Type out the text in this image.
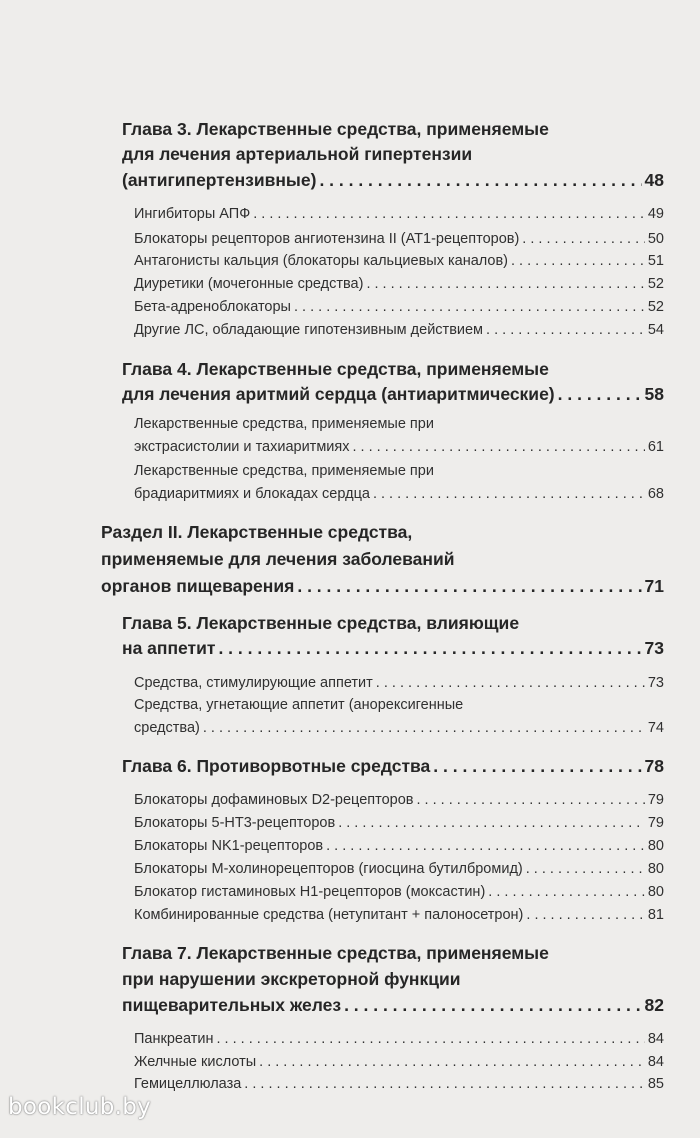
Глава 3. Лекарственные средства, применяемые
для лечения артериальной гипертензии
(антигипертензивные) . . .	48
Ингибиторы АПФ . . .	49
Блокаторы рецепторов ангиотензина II (АТ1-рецепторов) . . .	50
Антагонисты кальция (блокаторы кальциевых каналов) . . .	51
Диуретики (мочегонные средства) . . .	52
Бета-адреноблокаторы . . .	52
Другие ЛС, обладающие гипотензивным действием . . .	54
Глава 4. Лекарственные средства, применяемые
для лечения аритмий сердца (антиаритмические) . . .	58
Лекарственные средства, применяемые при
экстрасистолии и тахиаритмиях . . .	61
Лекарственные средства, применяемые при
брадиаритмиях и блокадах сердца . . .	68
Раздел II. Лекарственные средства,
применяемые для лечения заболеваний
органов пищеварения . . .	71
Глава 5. Лекарственные средства, влияющие
на аппетит . . .	73
Средства, стимулирующие аппетит . . .	73
Средства, угнетающие аппетит (анорексигенные
средства) . . .	74
Глава 6. Противорвотные средства . . .	78
Блокаторы дофаминовых D2-рецепторов . . .	79
Блокаторы 5-НТ3-рецепторов . . .	79
Блокаторы NK1-рецепторов . . .	80
Блокаторы М-холинорецепторов (гиосцина бутилбромид) . . .	80
Блокатор гистаминовых Н1-рецепторов (моксастин) . . .	80
Комбинированные средства (нетупитант + палоносетрон) . . .	81
Глава 7. Лекарственные средства, применяемые
при нарушении экскреторной функции
пищеварительных желез . . .	82
Панкреатин . . .	84
Желчные кислоты . . .	84
Гемицеллюлаза . . .	85
bookclub.by
